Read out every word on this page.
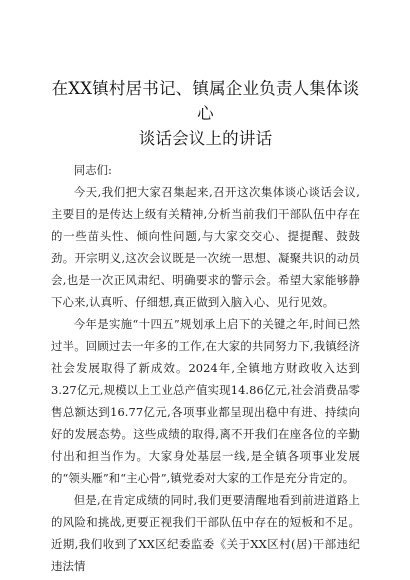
在XX镇村居书记、镇属企业负责人集体谈心
谈话会议上的讲话

同志们:

今天,我们把大家召集起来,召开这次集体谈心谈话会议,主要目的是传达上级有关精神,分析当前我们干部队伍中存在的一些苗头性、倾向性问题,与大家交交心、提提醒、鼓鼓劲。开宗明义,这次会议既是一次统一思想、凝聚共识的动员会,也是一次正风肃纪、明确要求的警示会。希望大家能够静下心来,认真听、仔细想,真正做到入脑入心、见行见效。

今年是实施“十四五”规划承上启下的关键之年,时间已然过半。回顾过去一年多的工作,在大家的共同努力下,我镇经济社会发展取得了新成效。2024年,全镇地方财政收入达到3.27亿元,规模以上工业总产值实现14.86亿元,社会消费品零售总额达到16.77亿元,各项事业都呈现出稳中有进、持续向好的发展态势。这些成绩的取得,离不开我们在座各位的辛勤付出和担当作为。大家身处基层一线,是全镇各项事业发展的“领头雁”和“主心骨”,镇党委对大家的工作是充分肯定的。

但是,在肯定成绩的同时,我们更要清醒地看到前进道路上的风险和挑战,更要正视我们干部队伍中存在的短板和不足。近期,我们收到了XX区纪委监委《关于XX区村(居)干部违纪违法情
